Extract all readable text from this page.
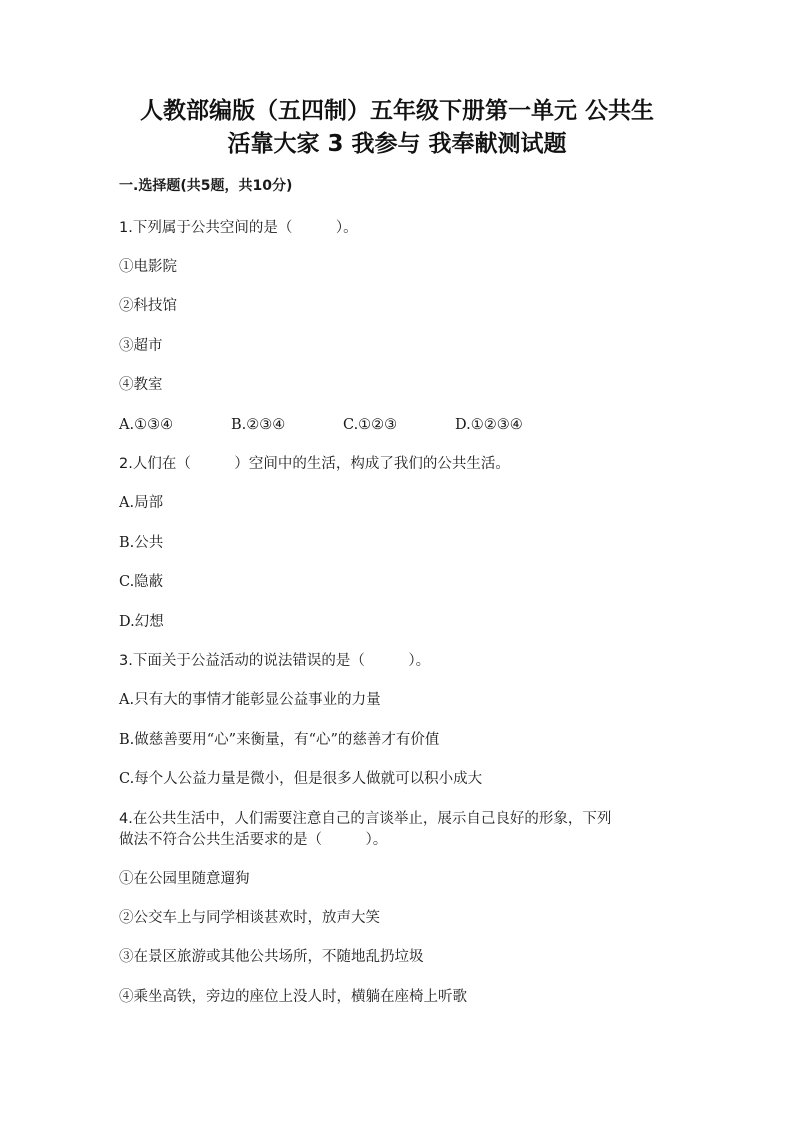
人教部编版（五四制）五年级下册第一单元 公共生
活靠大家 3 我参与 我奉献测试题
一.选择题(共5题，共10分)
1.下列属于公共空间的是（　　　）。
①电影院
②科技馆
③超市
④教室
A.①③④	B.②③④	C.①②③	D.①②③④
2.人们在（　　　）空间中的生活，构成了我们的公共生活。
A.局部
B.公共
C.隐蔽
D.幻想
3.下面关于公益活动的说法错误的是（　　　）。
A.只有大的事情才能彰显公益事业的力量
B.做慈善要用“心”来衡量，有“心”的慈善才有价值
C.每个人公益力量是微小，但是很多人做就可以积小成大
4.在公共生活中，人们需要注意自己的言谈举止，展示自己良好的形象，下列
做法不符合公共生活要求的是（　　　）。
①在公园里随意遛狗
②公交车上与同学相谈甚欢时，放声大笑
③在景区旅游或其他公共场所，不随地乱扔垃圾
④乘坐高铁，旁边的座位上没人时，横躺在座椅上听歌
